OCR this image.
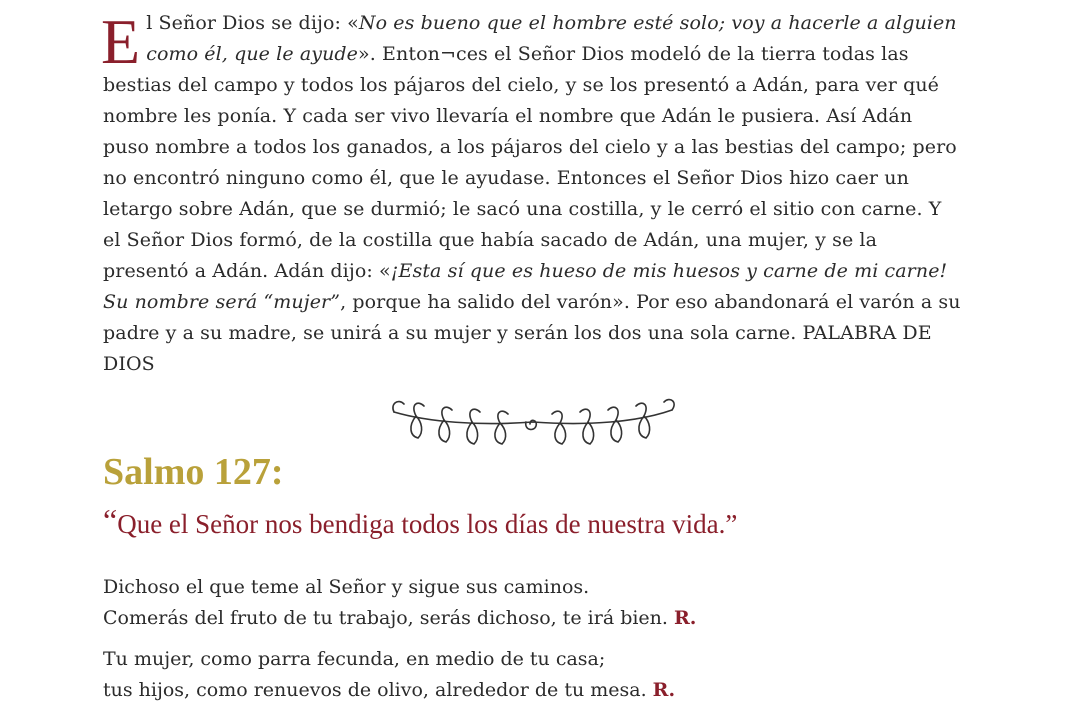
El Señor Dios se dijo: «No es bueno que el hombre esté solo; voy a hacerle a alguien como él, que le ayude». Enton¬ces el Señor Dios modeló de la tierra todas las bestias del campo y todos los pájaros del cielo, y se los presentó a Adán, para ver qué nombre les ponía. Y cada ser vivo llevaría el nombre que Adán le pusiera. Así Adán puso nombre a todos los ganados, a los pájaros del cielo y a las bestias del campo; pero no encontró ninguno como él, que le ayudase. Entonces el Señor Dios hizo caer un letargo sobre Adán, que se durmió; le sacó una costilla, y le cerró el sitio con carne. Y el Señor Dios formó, de la costilla que había sacado de Adán, una mujer, y se la presentó a Adán. Adán dijo: «¡Esta sí que es hueso de mis huesos y carne de mi carne! Su nombre será “mujer”, porque ha salido del varón». Por eso abandonará el varón a su padre y a su madre, se unirá a su mujer y serán los dos una sola carne. PALABRA DE DIOS

Salmo 127:
“Que el Señor nos bendiga todos los días de nuestra vida.”

Dichoso el que teme al Señor y sigue sus caminos.
Comerás del fruto de tu trabajo, serás dichoso, te irá bien. R.

Tu mujer, como parra fecunda, en medio de tu casa;
tus hijos, como renuevos de olivo, alrededor de tu mesa. R.
